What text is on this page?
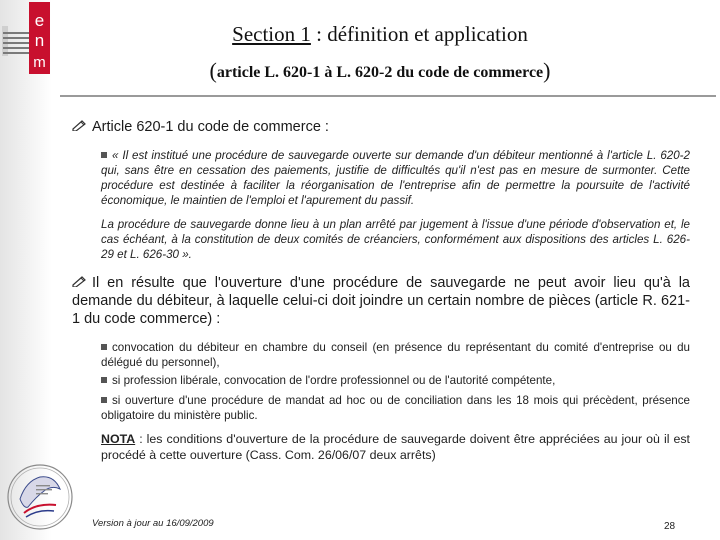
e
n
m
Section 1 : définition et application
(article L. 620-1 à L. 620-2 du code de commerce)
Article 620-1 du code de commerce :
« Il est institué une procédure de sauvegarde ouverte sur demande d'un débiteur mentionné à l'article L. 620-2 qui, sans être en cessation des paiements, justifie de difficultés qu'il n'est pas en mesure de surmonter. Cette procédure est destinée à faciliter la réorganisation de l'entreprise afin de permettre la poursuite de l'activité économique, le maintien de l'emploi et l'apurement du passif.
La procédure de sauvegarde donne lieu à un plan arrêté par jugement à l'issue d'une période d'observation et, le cas échéant, à la constitution de deux comités de créanciers, conformément aux dispositions des articles L. 626-29 et L. 626-30 ».
Il en résulte que l'ouverture d'une procédure de sauvegarde ne peut avoir lieu qu'à la demande du débiteur, à laquelle celui-ci doit joindre un certain nombre de pièces (article R. 621-1 du code commerce) :
convocation du débiteur en chambre du conseil (en présence du représentant du comité d'entreprise ou du délégué du personnel),
si profession libérale, convocation de l'ordre professionnel ou de l'autorité compétente,
si ouverture d'une procédure de mandat ad hoc ou de conciliation dans les 18 mois qui précèdent, présence obligatoire du ministère public.
NOTA : les conditions d'ouverture de la procédure de sauvegarde doivent être appréciées au jour où il est procédé à cette ouverture (Cass. Com. 26/06/07 deux arrêts)
Version à jour au 16/09/2009	28
